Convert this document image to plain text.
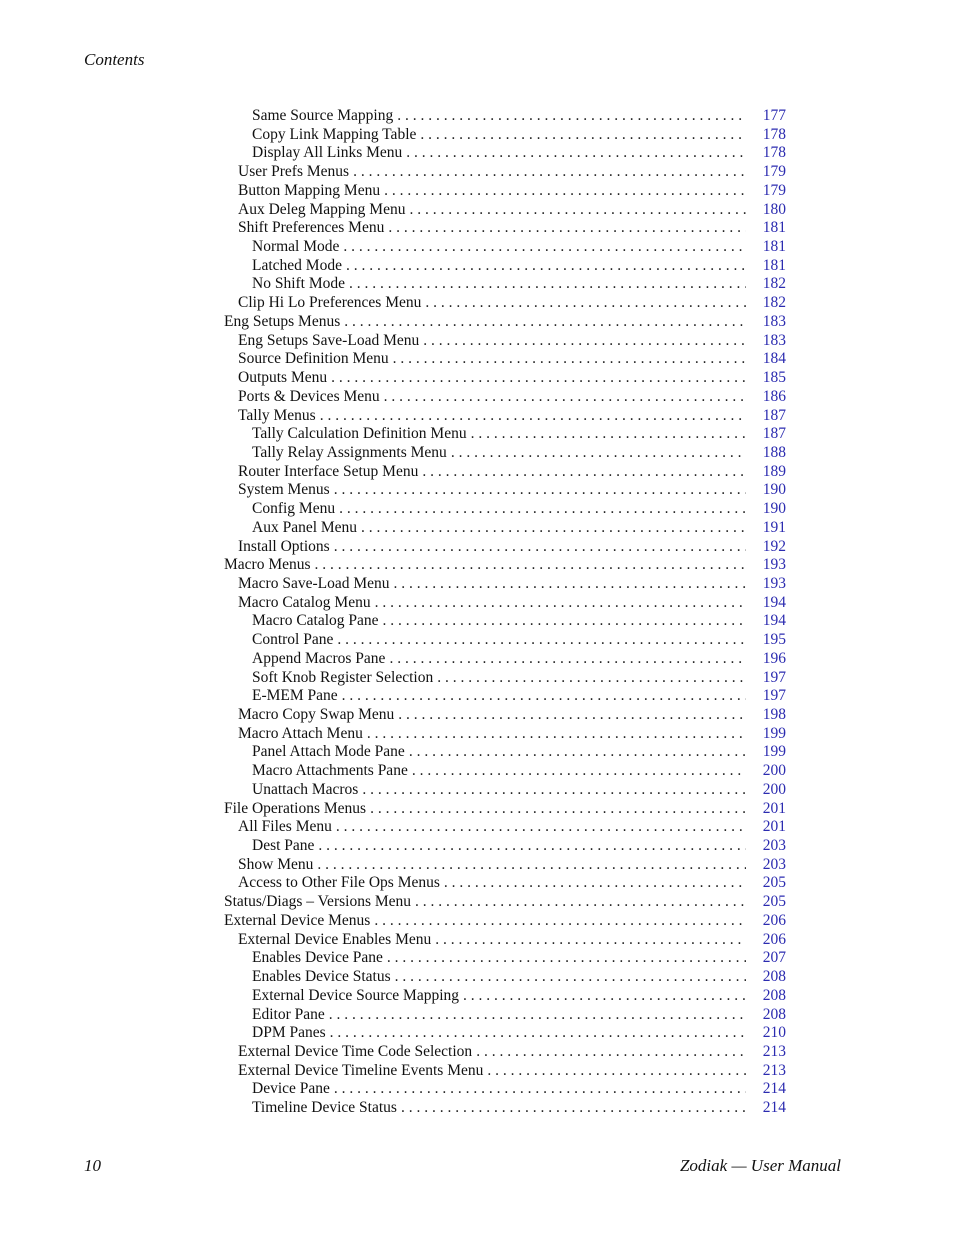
Contents
Same Source Mapping . . .	177
Copy Link Mapping Table . . .	178
Display All Links Menu . . .	178
User Prefs Menus . . .	179
Button Mapping Menu . . .	179
Aux Deleg Mapping Menu . . .	180
Shift Preferences Menu . . .	181
Normal Mode . . .	181
Latched Mode . . .	181
No Shift Mode . . .	182
Clip Hi Lo Preferences Menu . . .	182
Eng Setups Menus . . .	183
Eng Setups Save-Load Menu . . .	183
Source Definition Menu . . .	184
Outputs Menu . . .	185
Ports & Devices Menu . . .	186
Tally Menus . . .	187
Tally Calculation Definition Menu . . .	187
Tally Relay Assignments Menu . . .	188
Router Interface Setup Menu . . .	189
System Menus . . .	190
Config Menu . . .	190
Aux Panel Menu . . .	191
Install Options . . .	192
Macro Menus . . .	193
Macro Save-Load Menu . . .	193
Macro Catalog Menu . . .	194
Macro Catalog Pane . . .	194
Control Pane . . .	195
Append Macros Pane . . .	196
Soft Knob Register Selection . . .	197
E-MEM Pane . . .	197
Macro Copy Swap Menu . . .	198
Macro Attach Menu . . .	199
Panel Attach Mode Pane . . .	199
Macro Attachments Pane . . .	200
Unattach Macros . . .	200
File Operations Menus . . .	201
All Files Menu . . .	201
Dest Pane . . .	203
Show Menu . . .	203
Access to Other File Ops Menus . . .	205
Status/Diags – Versions Menu . . .	205
External Device Menus . . .	206
External Device Enables Menu . . .	206
Enables Device Pane . . .	207
Enables Device Status . . .	208
External Device Source Mapping . . .	208
Editor Pane . . .	208
DPM Panes . . .	210
External Device Time Code Selection . . .	213
External Device Timeline Events Menu . . .	213
Device Pane . . .	214
Timeline Device Status . . .	214
10	Zodiak — User Manual
